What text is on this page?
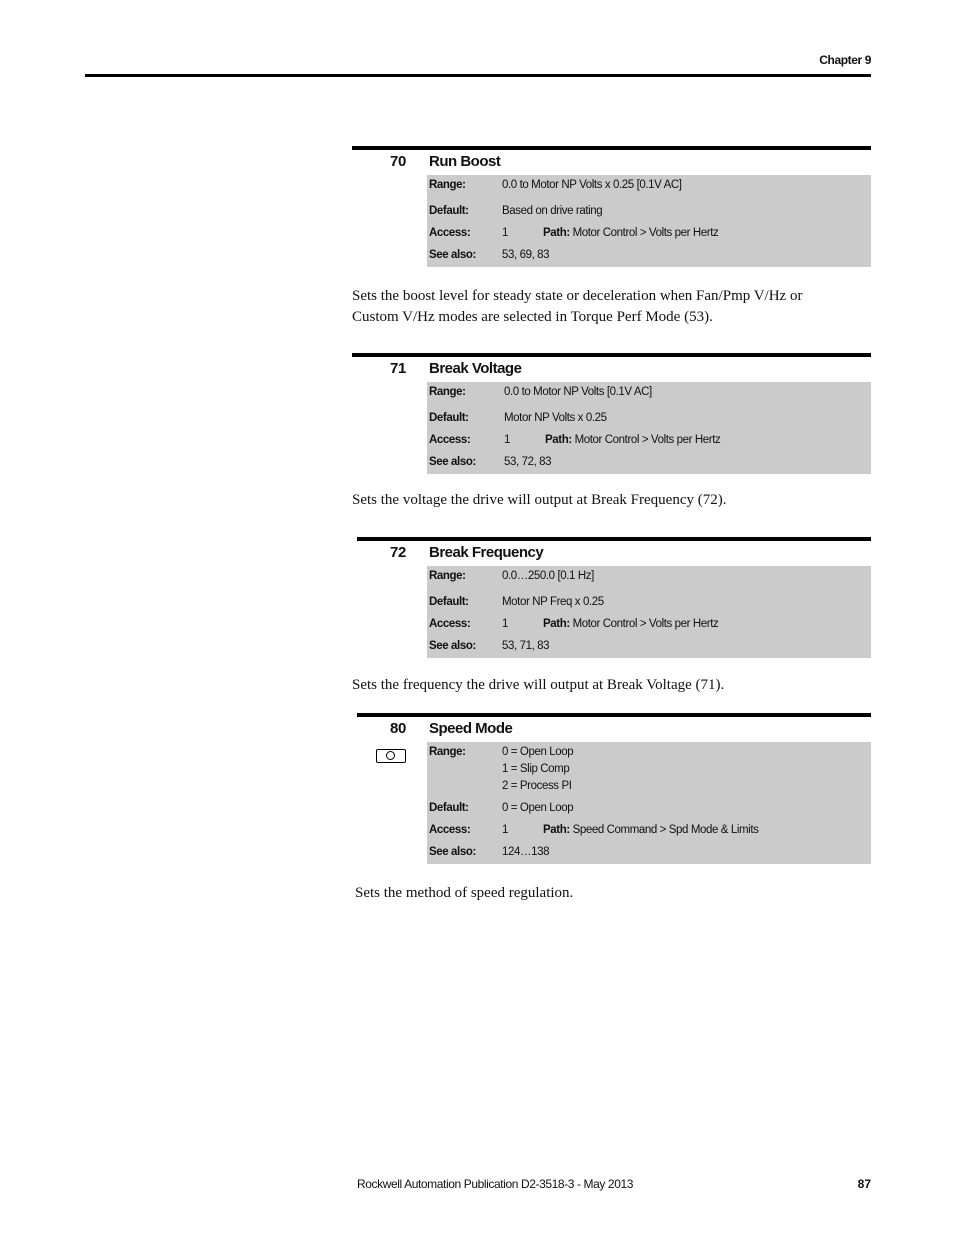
Chapter 9
70 Run Boost
Range:	0.0 to Motor NP Volts x 0.25 [0.1V AC]
Default:	Based on drive rating
Access:	1	Path: Motor Control > Volts per Hertz
See also: 53, 69, 83
Sets the boost level for steady state or deceleration when Fan/Pmp V/Hz or Custom V/Hz modes are selected in Torque Perf Mode (53).
71 Break Voltage
Range:	0.0 to Motor NP Volts [0.1V AC]
Default:	Motor NP Volts x 0.25
Access:	1	Path: Motor Control > Volts per Hertz
See also: 53, 72, 83
Sets the voltage the drive will output at Break Frequency (72).
72 Break Frequency
Range:	0.0…250.0 [0.1 Hz]
Default:	Motor NP Freq x 0.25
Access:	1	Path: Motor Control > Volts per Hertz
See also: 53, 71, 83
Sets the frequency the drive will output at Break Voltage (71).
80 Speed Mode
Range:	0 = Open Loop
1 = Slip Comp
2 = Process PI
Default:	0 = Open Loop
Access:	1	Path: Speed Command > Spd Mode & Limits
See also: 124…138
Sets the method of speed regulation.
Rockwell Automation Publication D2-3518-3 - May 2013	87
